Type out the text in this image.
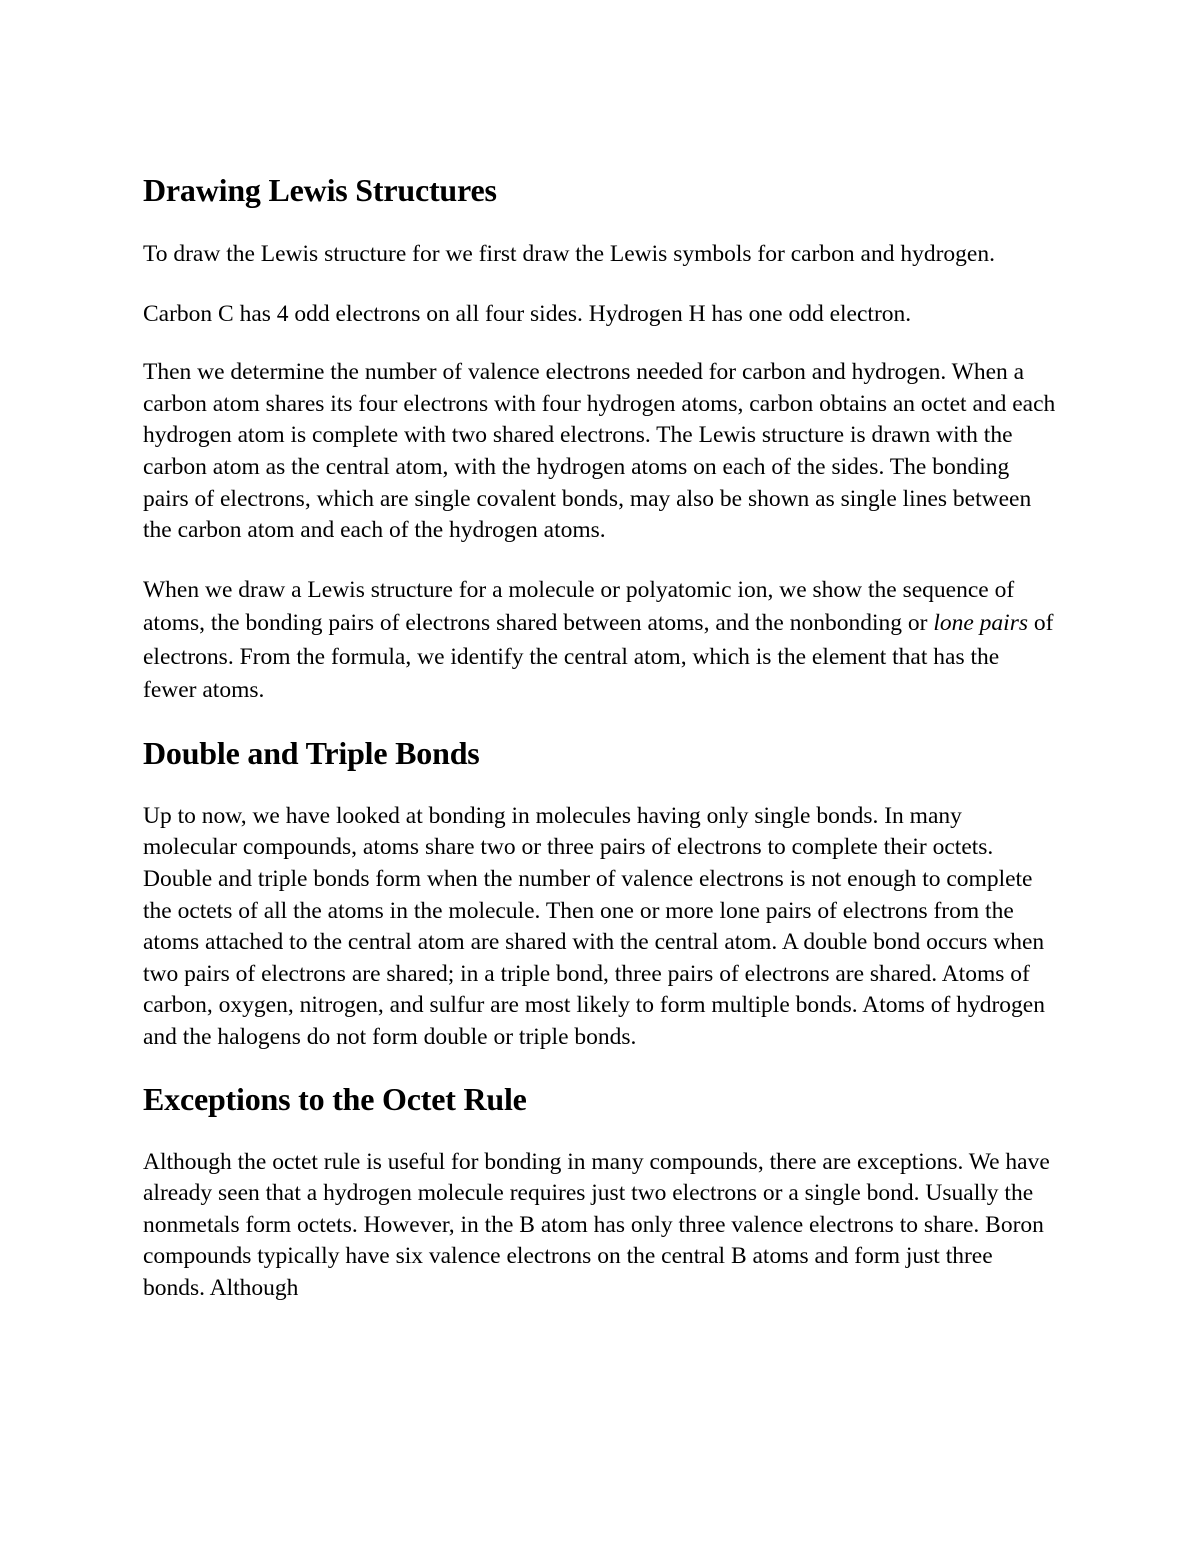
Drawing Lewis Structures

To draw the Lewis structure for we first draw the Lewis symbols for carbon and hydrogen.

Carbon C has 4 odd electrons on all four sides. Hydrogen H has one odd electron.

Then we determine the number of valence electrons needed for carbon and hydrogen. When a carbon atom shares its four electrons with four hydrogen atoms, carbon obtains an octet and each hydrogen atom is complete with two shared electrons. The Lewis structure is drawn with the carbon atom as the central atom, with the hydrogen atoms on each of the sides. The bonding pairs of electrons, which are single covalent bonds, may also be shown as single lines between the carbon atom and each of the hydrogen atoms.

When we draw a Lewis structure for a molecule or polyatomic ion, we show the sequence of atoms, the bonding pairs of electrons shared between atoms, and the nonbonding or lone pairs of electrons. From the formula, we identify the central atom, which is the element that has the fewer atoms.

Double and Triple Bonds

Up to now, we have looked at bonding in molecules having only single bonds. In many molecular compounds, atoms share two or three pairs of electrons to complete their octets. Double and triple bonds form when the number of valence electrons is not enough to complete the octets of all the atoms in the molecule. Then one or more lone pairs of electrons from the atoms attached to the central atom are shared with the central atom. A double bond occurs when two pairs of electrons are shared; in a triple bond, three pairs of electrons are shared. Atoms of carbon, oxygen, nitrogen, and sulfur are most likely to form multiple bonds. Atoms of hydrogen and the halogens do not form double or triple bonds.

Exceptions to the Octet Rule

Although the octet rule is useful for bonding in many compounds, there are exceptions. We have already seen that a hydrogen molecule requires just two electrons or a single bond. Usually the nonmetals form octets. However, in the B atom has only three valence electrons to share. Boron compounds typically have six valence electrons on the central B atoms and form just three bonds. Although
